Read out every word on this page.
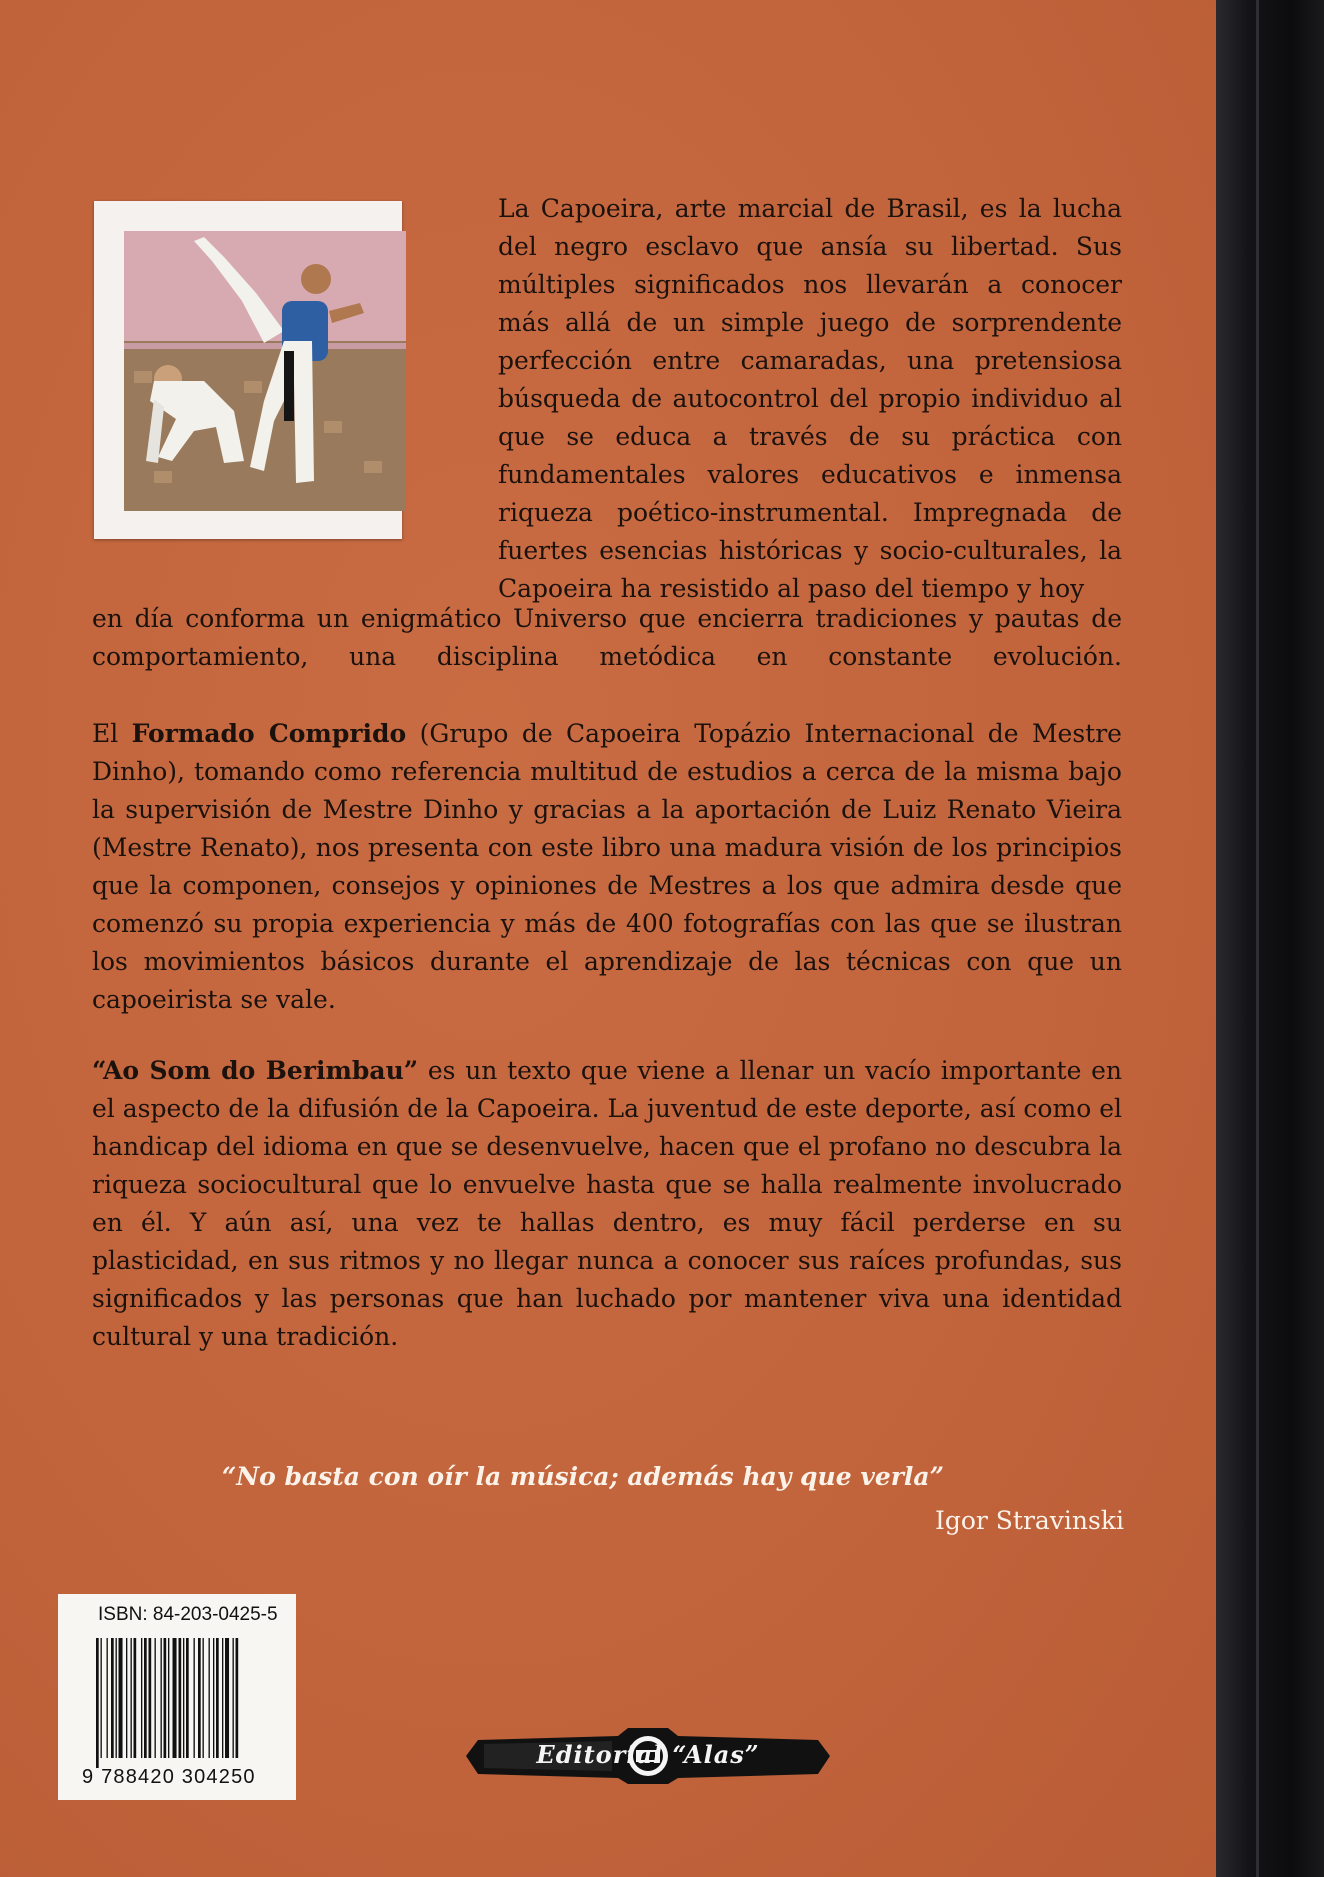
La Capoeira, arte marcial de Brasil, es la lucha del negro esclavo que ansía su libertad. Sus múltiples significados nos llevarán a conocer más allá de un simple juego de sorprendente perfección entre camaradas, una pretensiosa búsqueda de autocontrol del propio individuo al que se educa a través de su práctica con fundamentales valores educativos e inmensa riqueza poético-instrumental. Impregnada de fuertes esencias históricas y socio-culturales, la Capoeira ha resistido al paso del tiempo y hoy

en día conforma un enigmático Universo que encierra tradiciones y pautas de comportamiento, una disciplina metódica en constante evolución.

El Formado Comprido (Grupo de Capoeira Topázio Internacional de Mestre Dinho), tomando como referencia multitud de estudios a cerca de la misma bajo la supervisión de Mestre Dinho y gracias a la aportación de Luiz Renato Vieira (Mestre Renato), nos presenta con este libro una madura visión de los principios que la componen, consejos y opiniones de Mestres a los que admira desde que comenzó su propia experiencia y más de 400 fotografías con las que se ilustran los movimientos básicos durante el aprendizaje de las técnicas con que un capoeirista se vale.

“Ao Som do Berimbau” es un texto que viene a llenar un vacío importante en el aspecto de la difusión de la Capoeira. La juventud de este deporte, así como el handicap del idioma en que se desenvuelve, hacen que el profano no descubra la riqueza sociocultural que lo envuelve hasta que se halla realmente involucrado en él. Y aún así, una vez te hallas dentro, es muy fácil perderse en su plasticidad, en sus ritmos y no llegar nunca a conocer sus raíces profundas, sus significados y las personas que han luchado por mantener viva una identidad cultural y una tradición.

“No basta con oír la música; además hay que verla”
Igor Stravinski
ISBN: 84-203-0425-5
9 788420 304250
Editorial “Alas”
